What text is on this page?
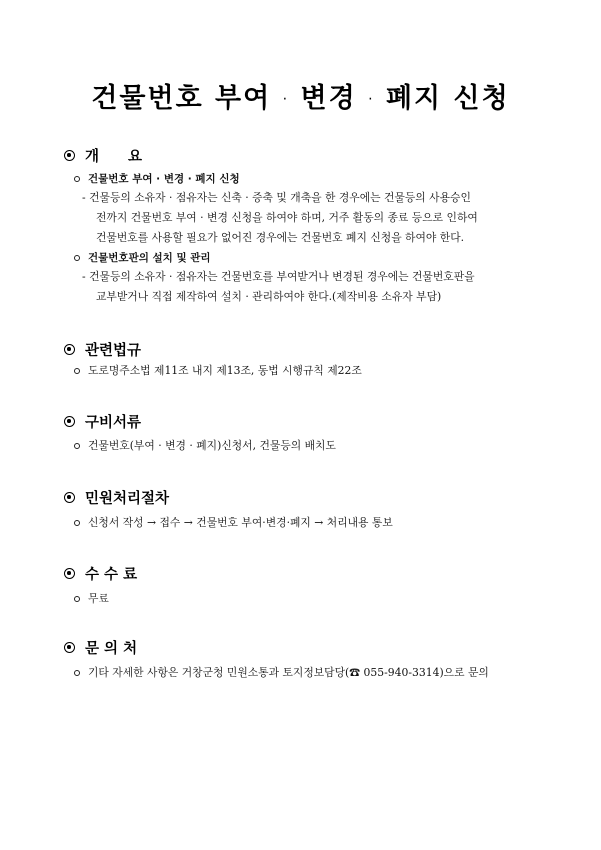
건물번호 부여 · 변경 · 폐지 신청
개　　요
건물번호 부여 · 변경 · 폐지 신청
- 건물등의 소유자 · 점유자는 신축 · 증축 및 개축을 한 경우에는 건물등의 사용승인
전까지 건물번호 부여 · 변경 신청을 하여야 하며, 거주 활동의 종료 등으로 인하여
건물번호를 사용할 필요가 없어진 경우에는 건물번호 폐지 신청을 하여야 한다.
건물번호판의 설치 및 관리
- 건물등의 소유자 · 점유자는 건물번호를 부여받거나 변경된 경우에는 건물번호판을
교부받거나 직접 제작하여 설치 · 관리하여야 한다.(제작비용 소유자 부담)
관련법규
도로명주소법 제11조 내지 제13조, 동법 시행규칙 제22조
구비서류
건물번호(부여 · 변경 · 폐지)신청서, 건물등의 배치도
민원처리절차
신청서 작성 → 접수 → 건물번호 부여·변경·폐지 → 처리내용 통보
수 수 료
무료
문 의 처
기타 자세한 사항은 거창군청 민원소통과 토지정보담당(☎ 055-940-3314)으로 문의
